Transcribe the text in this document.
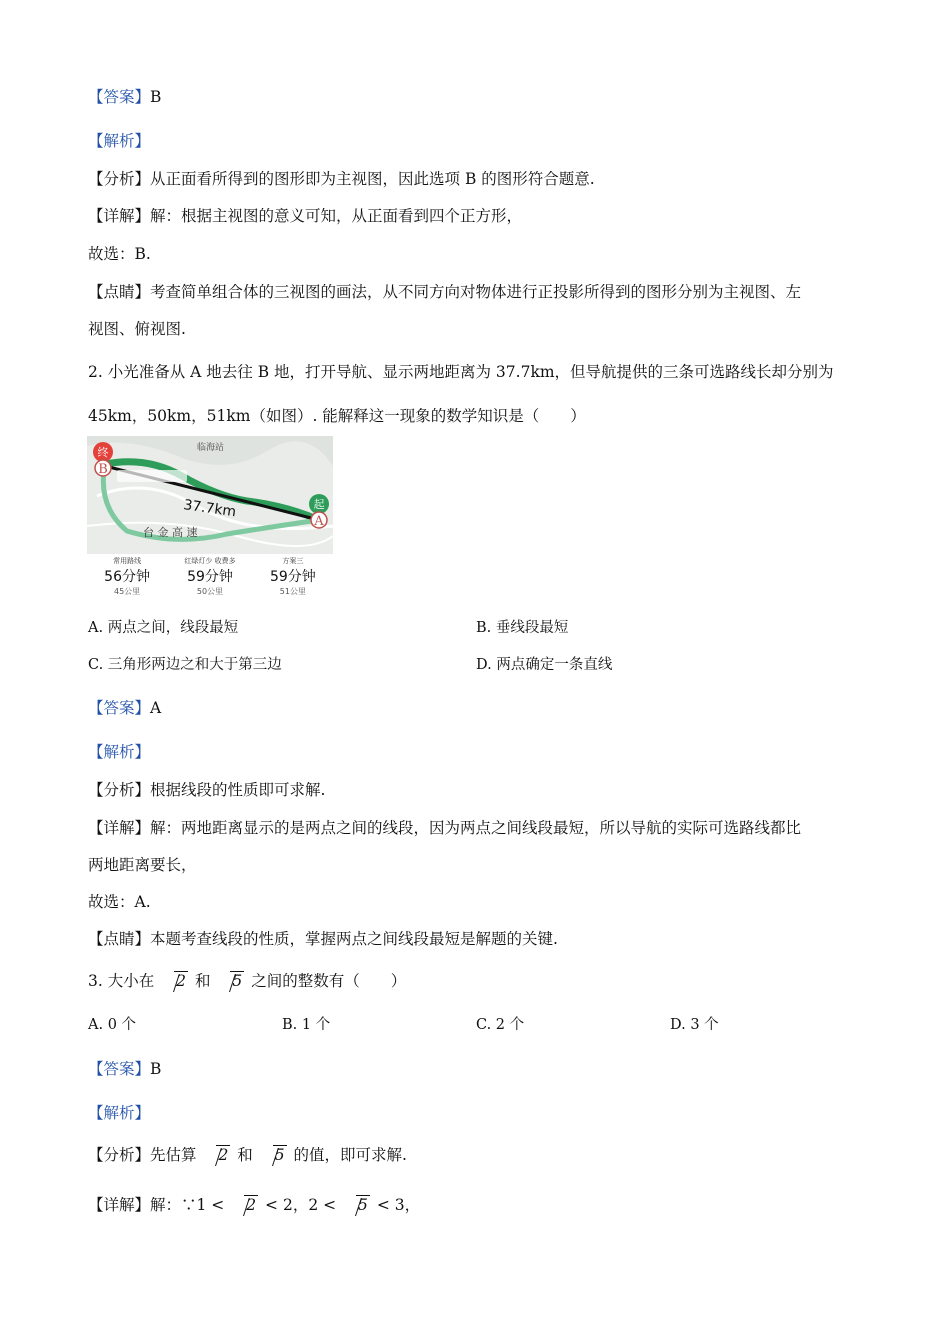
【答案】B
【解析】
【分析】从正面看所得到的图形即为主视图，因此选项 B 的图形符合题意.
【详解】解：根据主视图的意义可知，从正面看到四个正方形，
故选：B.
【点睛】考查简单组合体的三视图的画法，从不同方向对物体进行正投影所得到的图形分别为主视图、左
视图、俯视图.
2. 小光准备从 A 地去往 B 地，打开导航、显示两地距离为 37.7km，但导航提供的三条可选路线长却分别为
45km，50km，51km（如图）. 能解释这一现象的数学知识是（　　）
终
B
起
A
37.7km
台 金 高 速
临海站
常用路线
56分钟
45公里
红绿灯少 收费多
59分钟
50公里
方案三
59分钟
51公里
A. 两点之间，线段最短	B. 垂线段最短
C. 三角形两边之和大于第三边	D. 两点确定一条直线
【答案】A
【解析】
【分析】根据线段的性质即可求解.
【详解】解：两地距离显示的是两点之间的线段，因为两点之间线段最短，所以导航的实际可选路线都比
两地距离要长，
故选：A.
【点睛】本题考查线段的性质，掌握两点之间线段最短是解题的关键.
3. 大小在 2 和 5 之间的整数有（　　）
A. 0 个	B. 1 个	C. 2 个	D. 3 个
【答案】B
【解析】
【分析】先估算 2 和 5 的值，即可求解.
【详解】解：∵1 < 2 < 2，2 < 5 < 3，
